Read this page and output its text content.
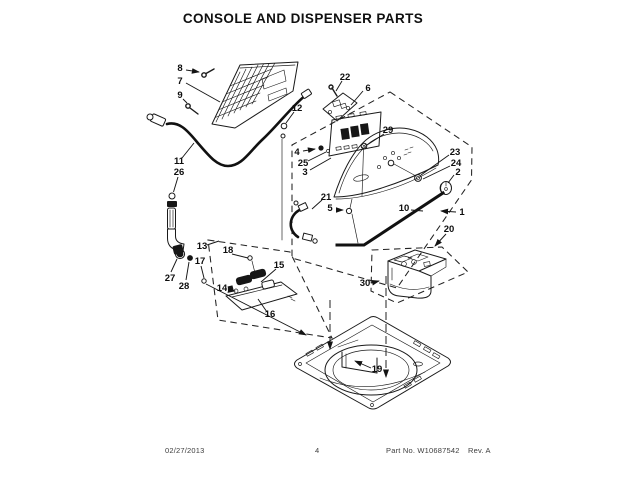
CONSOLE AND DISPENSER PARTS
1
2
3
4
5
6
7
8
9
10
11
12
13
14
15
16
17
18
19
20
21
22
23
24
25
26
27
28
29
30
02/27/2013	4	Part No. W10687542 Rev. A
